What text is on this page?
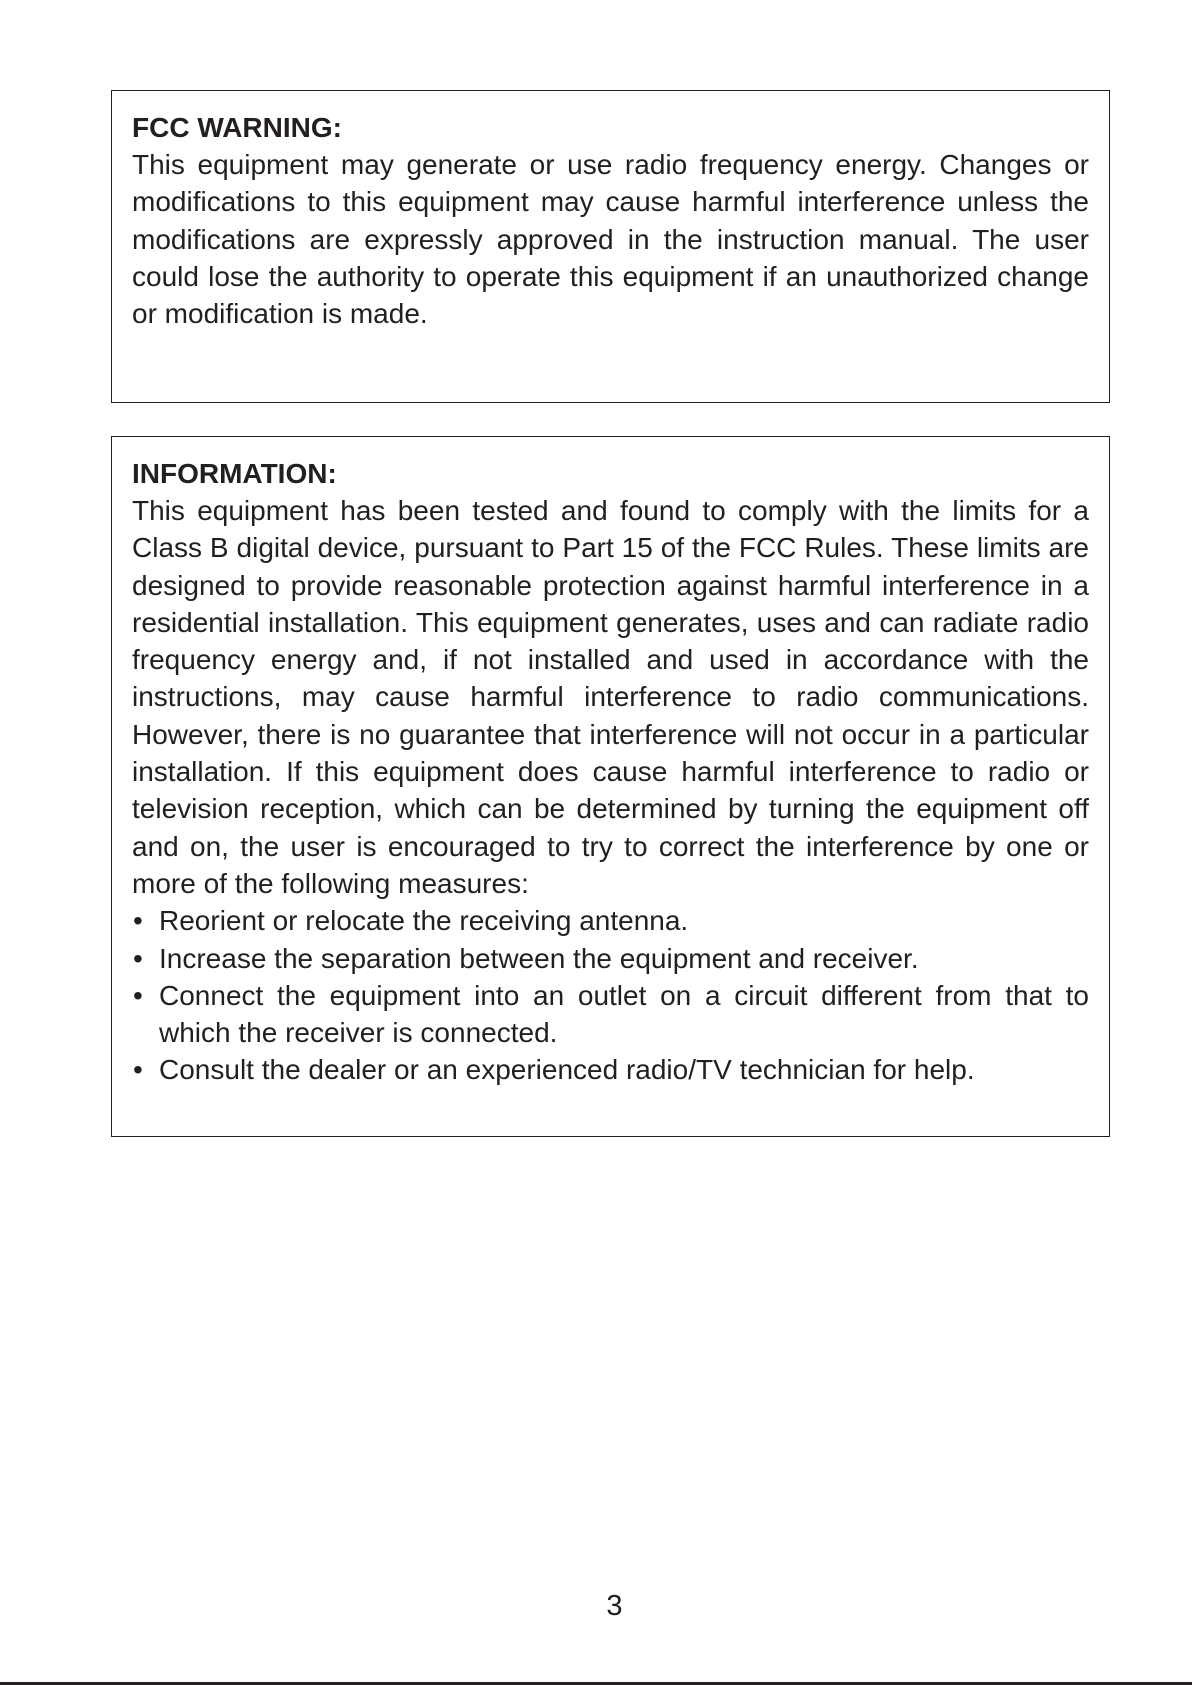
FCC WARNING:

This equipment may generate or use radio frequency energy. Changes or modifications to this equipment may cause harmful interference unless the modifications are expressly approved in the instruction manual. The user could lose the authority to operate this equipment if an unauthorized change or modification is made.

INFORMATION:

This equipment has been tested and found to comply with the limits for a Class B digital device, pursuant to Part 15 of the FCC Rules. These limits are designed to provide reasonable protection against harmful interference in a residential installation. This equipment generates, uses and can radiate radio frequency energy and, if not installed and used in accordance with the instructions, may cause harmful interference to radio communications. However, there is no guarantee that interference will not occur in a particular installation. If this equipment does cause harmful interference to radio or television reception, which can be determined by turning the equipment off and on, the user is encouraged to try to correct the interference by one or more of the following measures:

• Reorient or relocate the receiving antenna.
• Increase the separation between the equipment and receiver.
• Connect the equipment into an outlet on a circuit different from that to which the receiver is connected.
• Consult the dealer or an experienced radio/TV technician for help.
3
